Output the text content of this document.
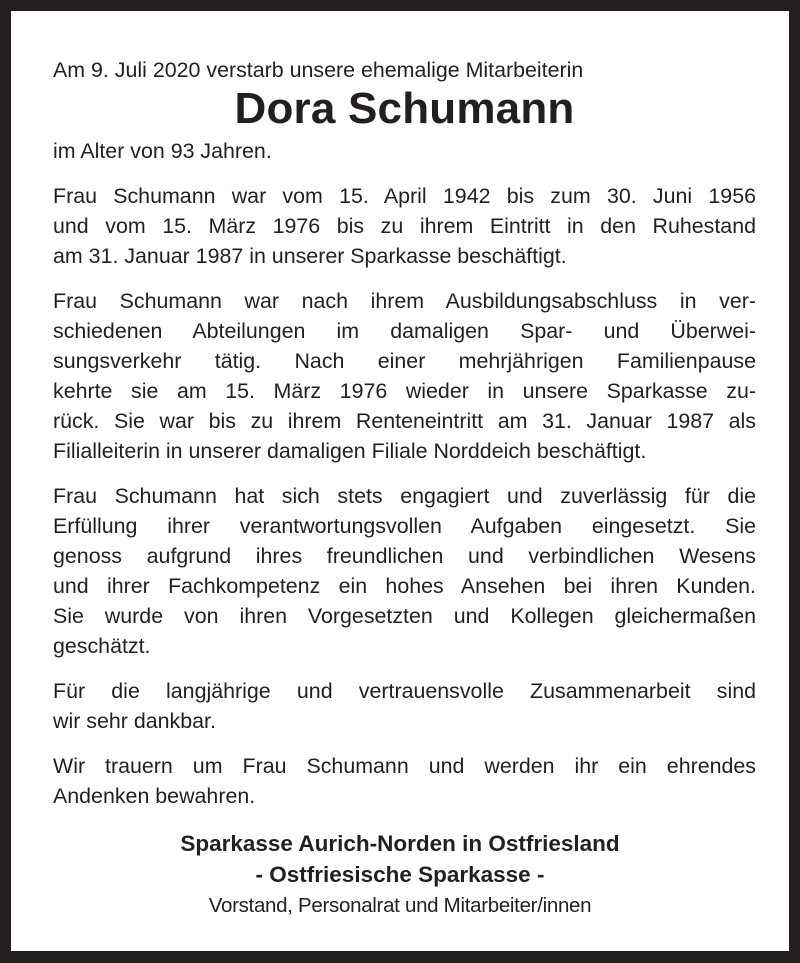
Am 9. Juli 2020 verstarb unsere ehemalige Mitarbeiterin

Dora Schumann

im Alter von 93 Jahren.

Frau Schumann war vom 15. April 1942 bis zum 30. Juni 1956
und vom 15. März 1976 bis zu ihrem Eintritt in den Ruhestand
am 31. Januar 1987 in unserer Sparkasse beschäftigt.

Frau Schumann war nach ihrem Ausbildungsabschluss in ver-
schiedenen Abteilungen im damaligen Spar- und Überwei-
sungsverkehr tätig. Nach einer mehrjährigen Familienpause
kehrte sie am 15. März 1976 wieder in unsere Sparkasse zu-
rück. Sie war bis zu ihrem Renteneintritt am 31. Januar 1987 als
Filialleiterin in unserer damaligen Filiale Norddeich beschäftigt.

Frau Schumann hat sich stets engagiert und zuverlässig für die
Erfüllung ihrer verantwortungsvollen Aufgaben eingesetzt. Sie
genoss aufgrund ihres freundlichen und verbindlichen Wesens
und ihrer Fachkompetenz ein hohes Ansehen bei ihren Kunden.
Sie wurde von ihren Vorgesetzten und Kollegen gleichermaßen
geschätzt.

Für die langjährige und vertrauensvolle Zusammenarbeit sind
wir sehr dankbar.

Wir trauern um Frau Schumann und werden ihr ein ehrendes
Andenken bewahren.

Sparkasse Aurich-Norden in Ostfriesland
- Ostfriesische Sparkasse -
Vorstand, Personalrat und Mitarbeiter/innen
